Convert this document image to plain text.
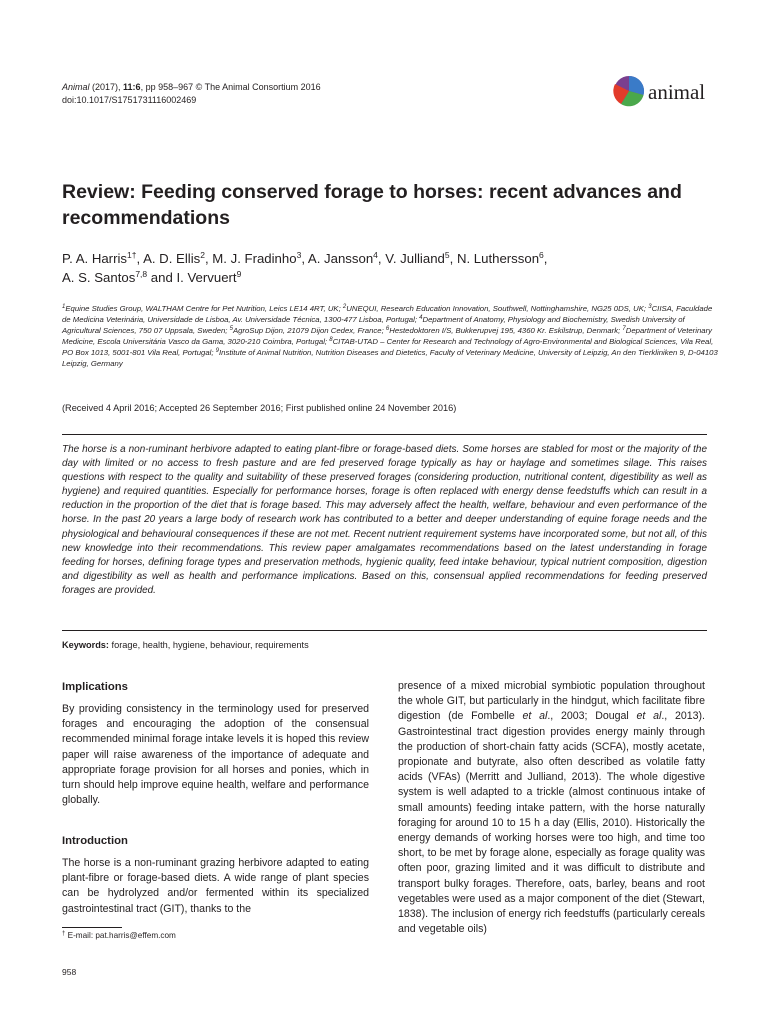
Animal (2017), 11:6, pp 958–967 © The Animal Consortium 2016
doi:10.1017/S1751731116002469	animal
Review: Feeding conserved forage to horses: recent advances and recommendations
P. A. Harris$^{1\dagger}$, A. D. Ellis$^2$, M. J. Fradinho$^3$, A. Jansson$^4$, V. Julliand$^5$, N. Luthersson$^6$,
A. S. Santos$^{7,8}$ and I. Vervuert$^9$
$^1$Equine Studies Group, WALTHAM Centre for Pet Nutrition, Leics LE14 4RT, UK; $^2$UNEQUI, Research Education Innovation, Southwell, Nottinghamshire, NG25 0DS, UK; $^3$CIISA, Faculdade de Medicina Veterinária, Universidade de Lisboa, Av. Universidade Técnica, 1300-477 Lisboa, Portugal; $^4$Department of Anatomy, Physiology and Biochemistry, Swedish University of Agricultural Sciences, 750 07 Uppsala, Sweden; $^5$AgroSup Dijon, 21079 Dijon Cedex, France; $^6$Hestedoktoren I/S, Bukkerupvej 195, 4360 Kr. Eskilstrup, Denmark; $^7$Department of Veterinary Medicine, Escola Universitária Vasco da Gama, 3020-210 Coimbra, Portugal; $^8$CITAB-UTAD – Center for Research and Technology of Agro-Environmental and Biological Sciences, Vila Real, PO Box 1013, 5001-801 Vila Real, Portugal; $^9$Institute of Animal Nutrition, Nutrition Diseases and Dietetics, Faculty of Veterinary Medicine, University of Leipzig, An den Tierkliniken 9, D-04103 Leipzig, Germany
(Received 4 April 2016; Accepted 26 September 2016; First published online 24 November 2016)
The horse is a non-ruminant herbivore adapted to eating plant-fibre or forage-based diets. Some horses are stabled for most or the majority of the day with limited or no access to fresh pasture and are fed preserved forage typically as hay or haylage and sometimes silage. This raises questions with respect to the quality and suitability of these preserved forages (considering production, nutritional content, digestibility as well as hygiene) and required quantities. Especially for performance horses, forage is often replaced with energy dense feedstuffs which can result in a reduction in the proportion of the diet that is forage based. This may adversely affect the health, welfare, behaviour and even performance of the horse. In the past 20 years a large body of research work has contributed to a better and deeper understanding of equine forage needs and the physiological and behavioural consequences if these are not met. Recent nutrient requirement systems have incorporated some, but not all, of this new knowledge into their recommendations. This review paper amalgamates recommendations based on the latest understanding in forage feeding for horses, defining forage types and preservation methods, hygienic quality, feed intake behaviour, typical nutrient composition, digestion and digestibility as well as health and performance implications. Based on this, consensual applied recommendations for feeding preserved forages are provided.
Keywords: forage, health, hygiene, behaviour, requirements
Implications
By providing consistency in the terminology used for preserved forages and encouraging the adoption of the consensual recommended minimal forage intake levels it is hoped this review paper will raise awareness of the importance of adequate and appropriate forage provision for all horses and ponies, which in turn should help improve equine health, welfare and performance globally.
Introduction
The horse is a non-ruminant grazing herbivore adapted to eating plant-fibre or forage-based diets. A wide range of plant species can be hydrolyzed and/or fermented within its specialized gastrointestinal tract (GIT), thanks to the
presence of a mixed microbial symbiotic population throughout the whole GIT, but particularly in the hindgut, which facilitate fibre digestion (de Fombelle et al., 2003; Dougal et al., 2013). Gastrointestinal tract digestion provides energy mainly through the production of short-chain fatty acids (SCFA), mostly acetate, propionate and butyrate, also often described as volatile fatty acids (VFAs) (Merritt and Julliand, 2013). The whole digestive system is well adapted to a trickle (almost continuous intake of small amounts) feeding intake pattern, with the horse naturally foraging for around 10 to 15 h a day (Ellis, 2010). Historically the energy demands of working horses were too high, and time too short, to be met by forage alone, especially as forage quality was often poor, grazing limited and it was difficult to distribute and transport bulky forages. Therefore, oats, barley, beans and root vegetables were used as a major component of the diet (Stewart, 1838). The inclusion of energy rich feedstuffs (particularly cereals and vegetable oils)
† E-mail: pat.harris@effem.com
958
